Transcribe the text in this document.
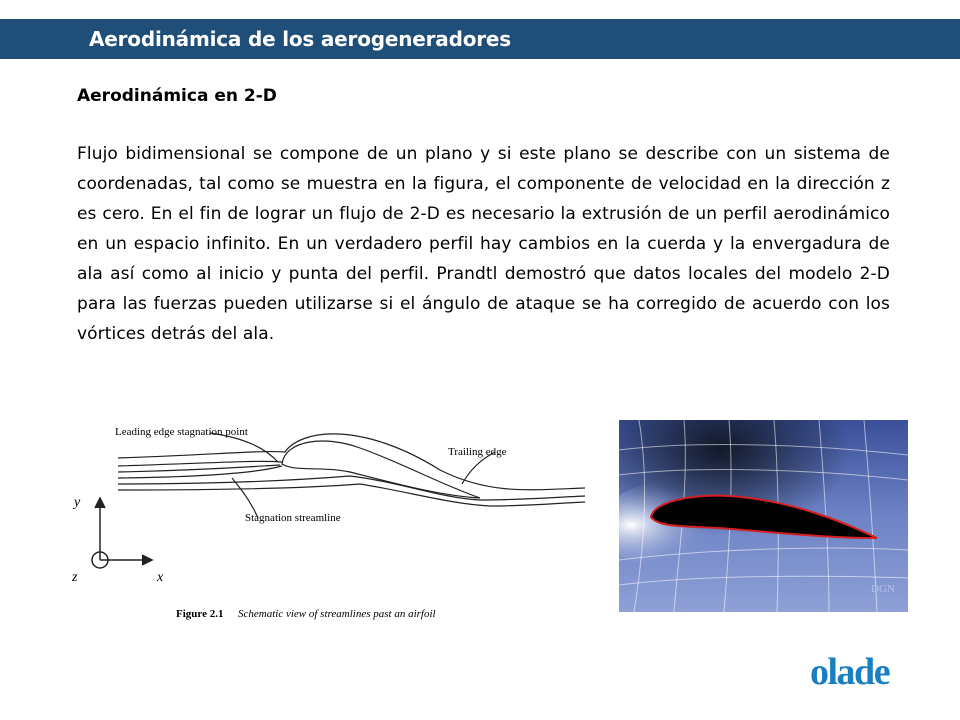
Aerodinámica de los aerogeneradores
Aerodinámica en 2-D
Flujo bidimensional se compone de un plano y si este plano se describe con un sistema de coordenadas, tal como se muestra en la figura, el componente de velocidad en la dirección z es cero. En el fin de lograr un flujo de 2-D es necesario la extrusión de un perfil aerodinámico en un espacio infinito. En un verdadero perfil hay cambios en la cuerda y la envergadura de ala así como al inicio y punta del perfil. Prandtl demostró que datos locales del modelo 2-D para las fuerzas pueden utilizarse si el ángulo de ataque se ha corregido de acuerdo con los vórtices detrás del ala.
Leading edge stagnation point
Trailing edge
Stagnation streamline
y
x
z
Figure 2.1 Schematic view of streamlines past an airfoil
DGN
olade
